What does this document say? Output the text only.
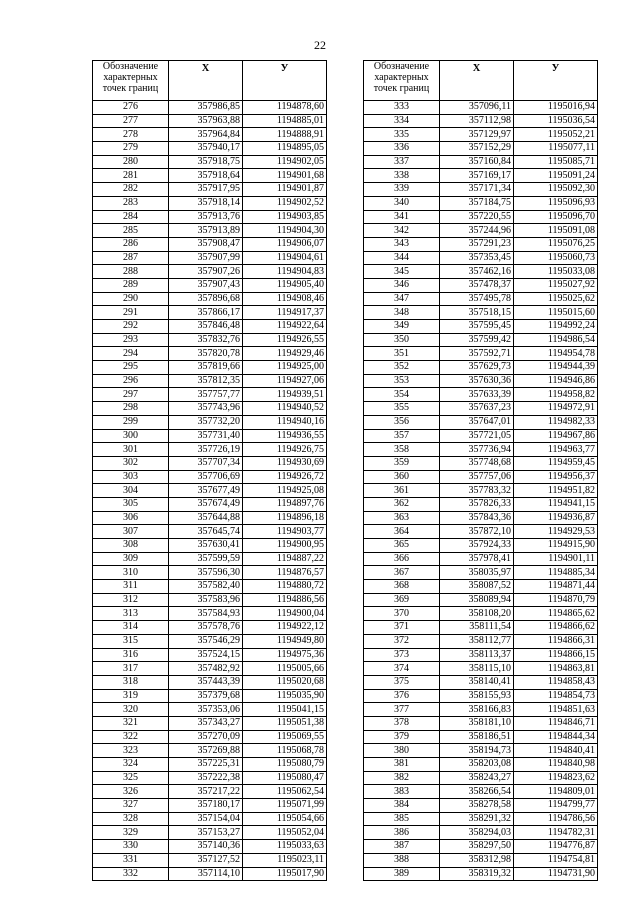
22
Обозначение характерных точек границ	X	У
276	357986,85	1194878,60
277	357963,88	1194885,01
278	357964,84	1194888,91
279	357940,17	1194895,05
280	357918,75	1194902,05
281	357918,64	1194901,68
282	357917,95	1194901,87
283	357918,14	1194902,52
284	357913,76	1194903,85
285	357913,89	1194904,30
286	357908,47	1194906,07
287	357907,99	1194904,61
288	357907,26	1194904,83
289	357907,43	1194905,40
290	357896,68	1194908,46
291	357866,17	1194917,37
292	357846,48	1194922,64
293	357832,76	1194926,55
294	357820,78	1194929,46
295	357819,66	1194925,00
296	357812,35	1194927,06
297	357757,77	1194939,51
298	357743,96	1194940,52
299	357732,20	1194940,16
300	357731,40	1194936,55
301	357726,19	1194926,75
302	357707,34	1194930,69
303	357706,69	1194926,72
304	357677,49	1194925,08
305	357674,49	1194897,76
306	357644,88	1194896,18
307	357645,74	1194903,77
308	357630,41	1194900,95
309	357599,59	1194887,22
310	357596,30	1194876,57
311	357582,40	1194880,72
312	357583,96	1194886,56
313	357584,93	1194900,04
314	357578,76	1194922,12
315	357546,29	1194949,80
316	357524,15	1194975,36
317	357482,92	1195005,66
318	357443,39	1195020,68
319	357379,68	1195035,90
320	357353,06	1195041,15
321	357343,27	1195051,38
322	357270,09	1195069,55
323	357269,88	1195068,78
324	357225,31	1195080,79
325	357222,38	1195080,47
326	357217,22	1195062,54
327	357180,17	1195071,99
328	357154,04	1195054,66
329	357153,27	1195052,04
330	357140,36	1195033,63
331	357127,52	1195023,11
332	357114,10	1195017,90
Обозначение характерных точек границ	X	У
333	357096,11	1195016,94
334	357112,98	1195036,54
335	357129,97	1195052,21
336	357152,29	1195077,11
337	357160,84	1195085,71
338	357169,17	1195091,24
339	357171,34	1195092,30
340	357184,75	1195096,93
341	357220,55	1195096,70
342	357244,96	1195091,08
343	357291,23	1195076,25
344	357353,45	1195060,73
345	357462,16	1195033,08
346	357478,37	1195027,92
347	357495,78	1195025,62
348	357518,15	1195015,60
349	357595,45	1194992,24
350	357599,42	1194986,54
351	357592,71	1194954,78
352	357629,73	1194944,39
353	357630,36	1194946,86
354	357633,39	1194958,82
355	357637,23	1194972,91
356	357647,01	1194982,33
357	357721,05	1194967,86
358	357736,94	1194963,77
359	357748,68	1194959,45
360	357757,06	1194956,37
361	357783,32	1194951,82
362	357826,33	1194941,15
363	357843,36	1194936,87
364	357872,10	1194929,53
365	357924,33	1194915,90
366	357978,41	1194901,11
367	358035,97	1194885,34
368	358087,52	1194871,44
369	358089,94	1194870,79
370	358108,20	1194865,62
371	358111,54	1194866,62
372	358112,77	1194866,31
373	358113,37	1194866,15
374	358115,10	1194863,81
375	358140,41	1194858,43
376	358155,93	1194854,73
377	358166,83	1194851,63
378	358181,10	1194846,71
379	358186,51	1194844,34
380	358194,73	1194840,41
381	358203,08	1194840,98
382	358243,27	1194823,62
383	358266,54	1194809,01
384	358278,58	1194799,77
385	358291,32	1194786,56
386	358294,03	1194782,31
387	358297,50	1194776,87
388	358312,98	1194754,81
389	358319,32	1194731,90
